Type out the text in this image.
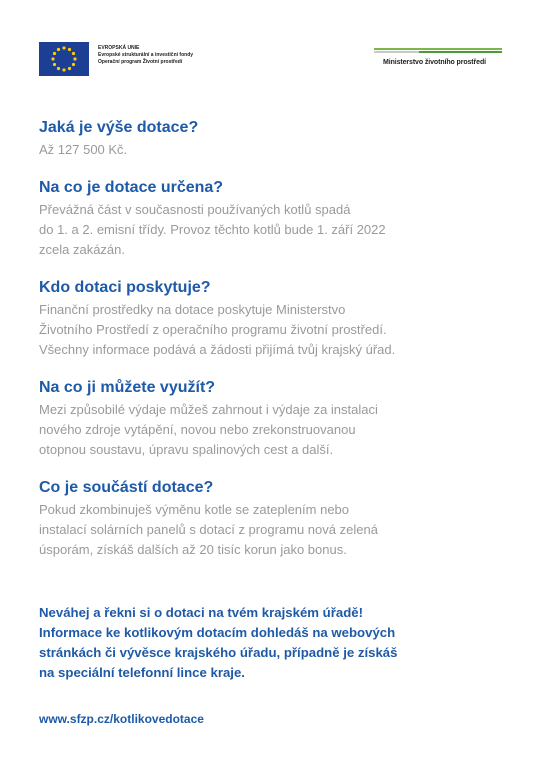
EVROPSKÁ UNIE
Evropské strukturální a investiční fondy
Operační program Životní prostředí	Ministerstvo životního prostředí
Jaká je výše dotace?
Až 127 500 Kč.
Na co je dotace určena?
Převážná část v současnosti používaných kotlů spadá
do 1. a 2. emisní třídy. Provoz těchto kotlů bude 1. září 2022
zcela zakázán.
Kdo dotaci poskytuje?
Finanční prostředky na dotace poskytuje Ministerstvo
Životního Prostředí z operačního programu životní prostředí.
Všechny informace podává a žádosti přijímá tvůj krajský úřad.
Na co ji můžete využít?
Mezi způsobilé výdaje můžeš zahrnout i výdaje za instalaci
nového zdroje vytápění, novou nebo zrekonstruovanou
otopnou soustavu, úpravu spalinových cest a další.
Co je součástí dotace?
Pokud zkombinuješ výměnu kotle se zateplením nebo
instalací solárních panelů s dotací z programu nová zelená
úsporám, získáš dalších až 20 tisíc korun jako bonus.
Neváhej a řekni si o dotaci na tvém krajském úřadě!
Informace ke kotlikovým dotacím dohledáš na webových
stránkách či vývěsce krajského úřadu, případně je získáš
na speciální telefonní lince kraje.
www.sfzp.cz/kotlikovedotace
